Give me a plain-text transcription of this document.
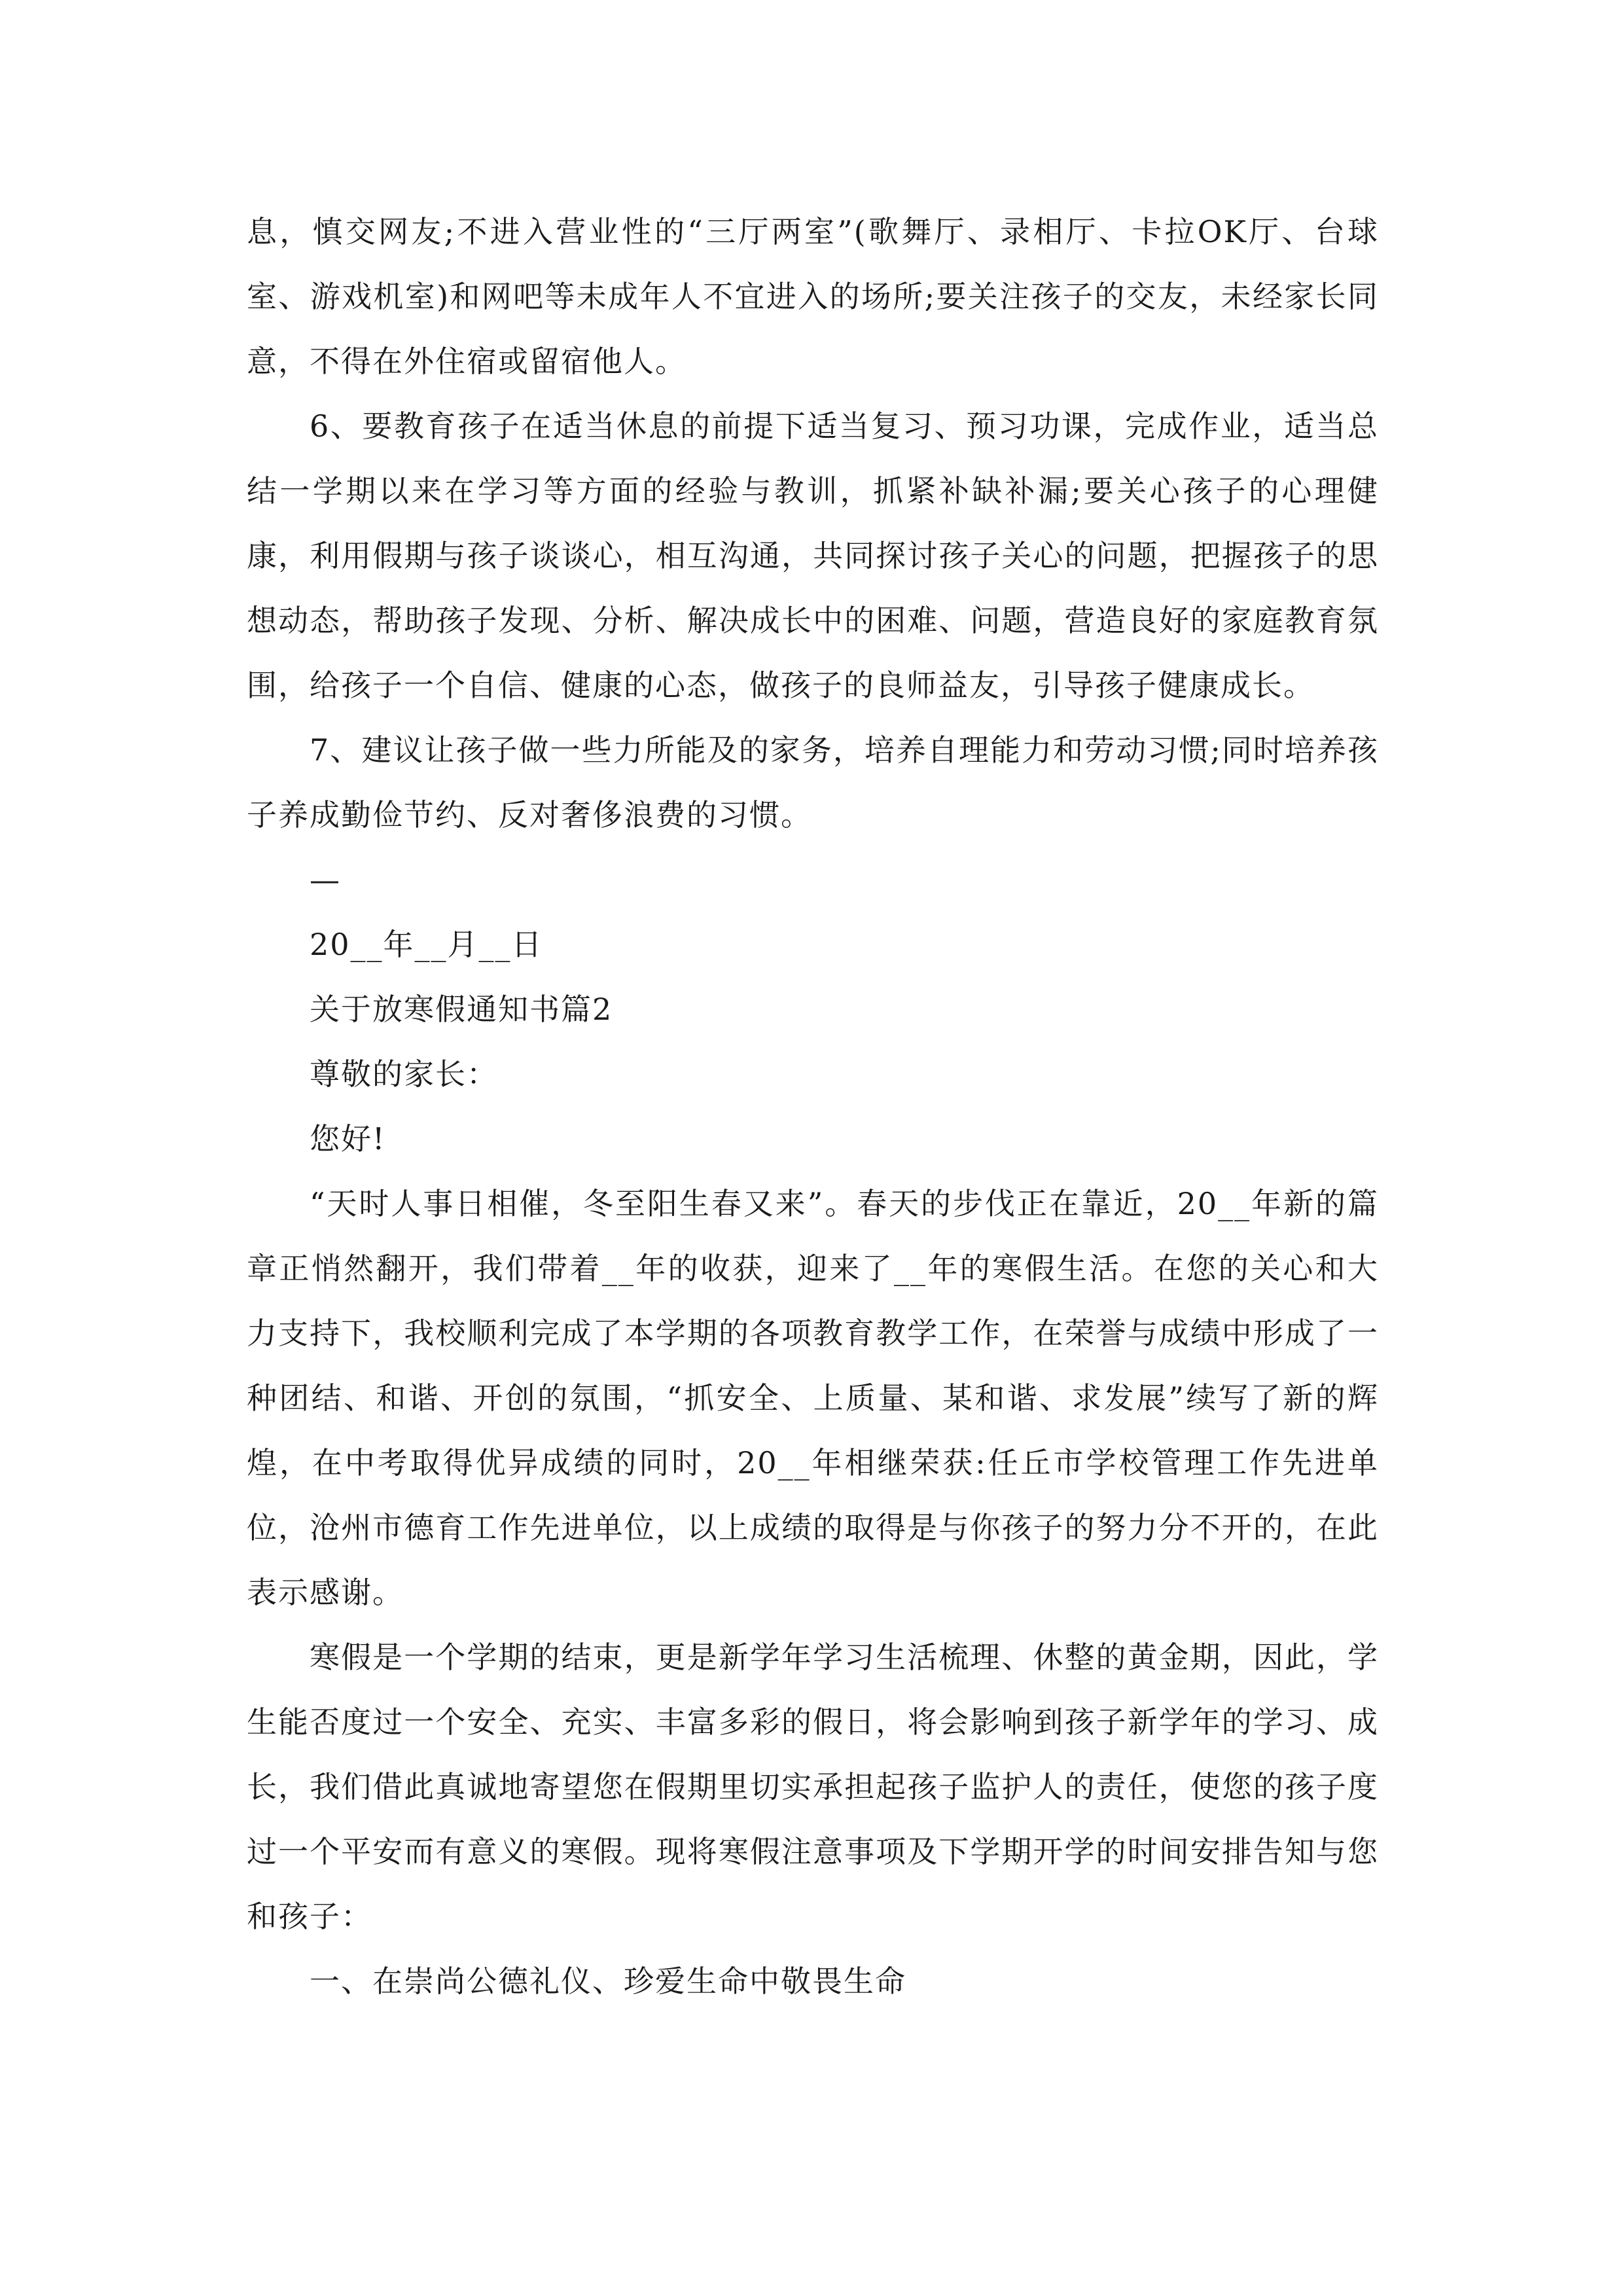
息，慎交网友;不进入营业性的“三厅两室”(歌舞厅、录相厅、卡拉OK厅、台球室、游戏机室)和网吧等未成年人不宜进入的场所;要关注孩子的交友，未经家长同意，不得在外住宿或留宿他人。

6、要教育孩子在适当休息的前提下适当复习、预习功课，完成作业，适当总结一学期以来在学习等方面的经验与教训，抓紧补缺补漏;要关心孩子的心理健康，利用假期与孩子谈谈心，相互沟通，共同探讨孩子关心的问题，把握孩子的思想动态，帮助孩子发现、分析、解决成长中的困难、问题，营造良好的家庭教育氛围，给孩子一个自信、健康的心态，做孩子的良师益友，引导孩子健康成长。

7、建议让孩子做一些力所能及的家务，培养自理能力和劳动习惯;同时培养孩子养成勤俭节约、反对奢侈浪费的习惯。

—

20__年__月__日

关于放寒假通知书篇2

尊敬的家长：

您好!

“天时人事日相催，冬至阳生春又来”。春天的步伐正在靠近，20__年新的篇章正悄然翻开，我们带着__年的收获，迎来了__年的寒假生活。在您的关心和大力支持下，我校顺利完成了本学期的各项教育教学工作，在荣誉与成绩中形成了一种团结、和谐、开创的氛围，“抓安全、上质量、某和谐、求发展”续写了新的辉煌，在中考取得优异成绩的同时，20__年相继荣获:任丘市学校管理工作先进单位，沧州市德育工作先进单位，以上成绩的取得是与你孩子的努力分不开的，在此表示感谢。

寒假是一个学期的结束，更是新学年学习生活梳理、休整的黄金期，因此，学生能否度过一个安全、充实、丰富多彩的假日，将会影响到孩子新学年的学习、成长，我们借此真诚地寄望您在假期里切实承担起孩子监护人的责任，使您的孩子度过一个平安而有意义的寒假。现将寒假注意事项及下学期开学的时间安排告知与您和孩子：

一、在崇尚公德礼仪、珍爱生命中敬畏生命
